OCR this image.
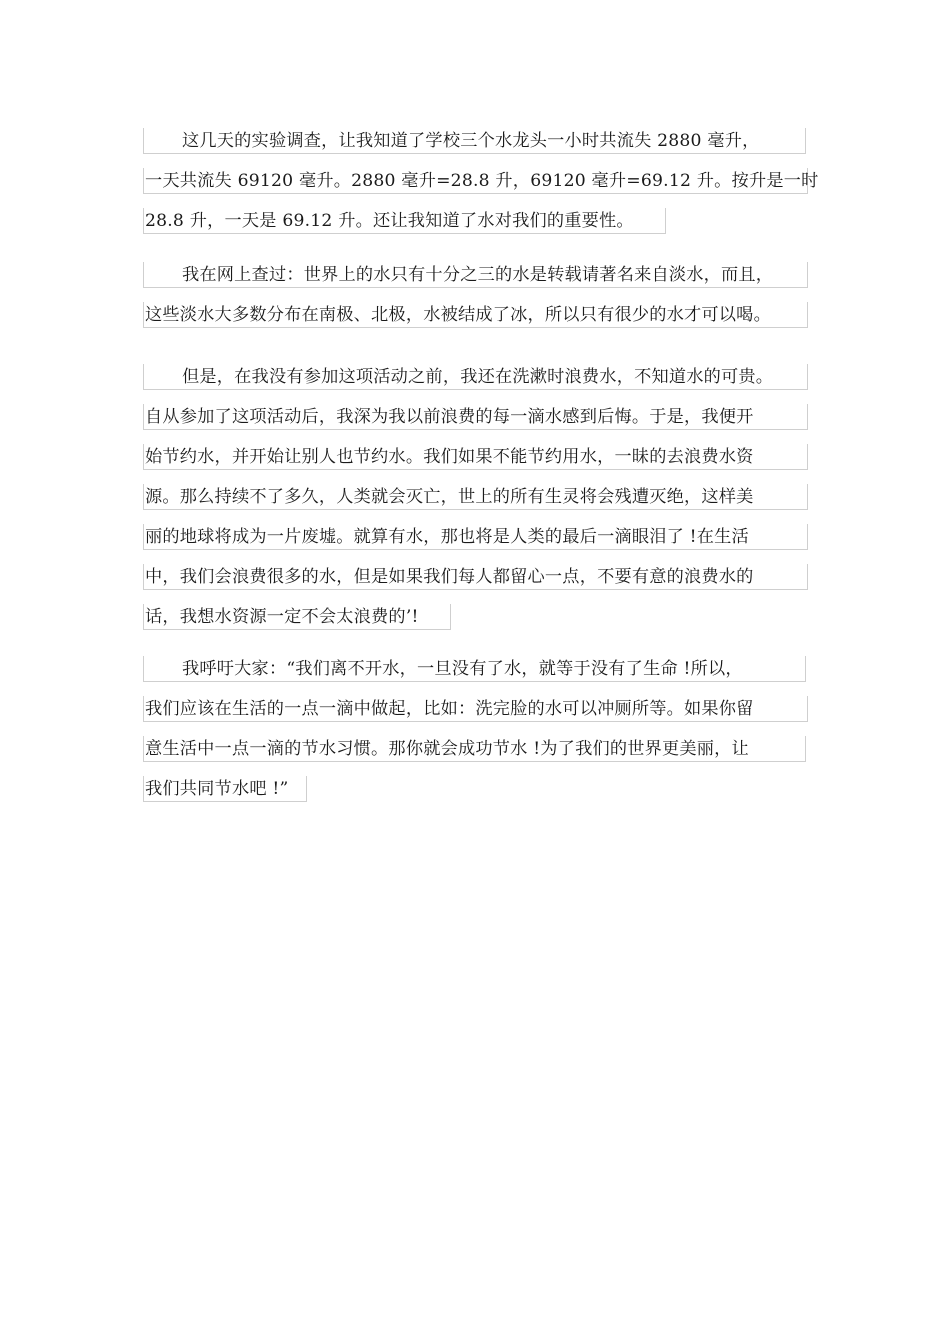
这几天的实验调查，让我知道了学校三个水龙头一小时共流失 2880 毫升，
一天共流失 69120 毫升。2880 毫升=28.8 升，69120 毫升=69.12 升。按升是一时
28.8 升，一天是 69.12 升。还让我知道了水对我们的重要性。
我在网上查过：世界上的水只有十分之三的水是转载请著名来自淡水，而且，
这些淡水大多数分布在南极、北极，水被结成了冰，所以只有很少的水才可以喝。
但是，在我没有参加这项活动之前，我还在洗漱时浪费水，不知道水的可贵。
自从参加了这项活动后，我深为我以前浪费的每一滴水感到后悔。于是，我便开
始节约水，并开始让别人也节约水。我们如果不能节约用水，一昧的去浪费水资
源。那么持续不了多久，人类就会灭亡，世上的所有生灵将会残遭灭绝，这样美
丽的地球将成为一片废墟。就算有水，那也将是人类的最后一滴眼泪了 !在生活
中，我们会浪费很多的水，但是如果我们每人都留心一点，不要有意的浪费水的
话，我想水资源一定不会太浪费的’!
我呼吁大家：“我们离不开水，一旦没有了水，就等于没有了生命 !所以，
我们应该在生活的一点一滴中做起，比如：洗完脸的水可以冲厕所等。如果你留
意生活中一点一滴的节水习惯。那你就会成功节水 !为了我们的世界更美丽，让
我们共同节水吧 !”
